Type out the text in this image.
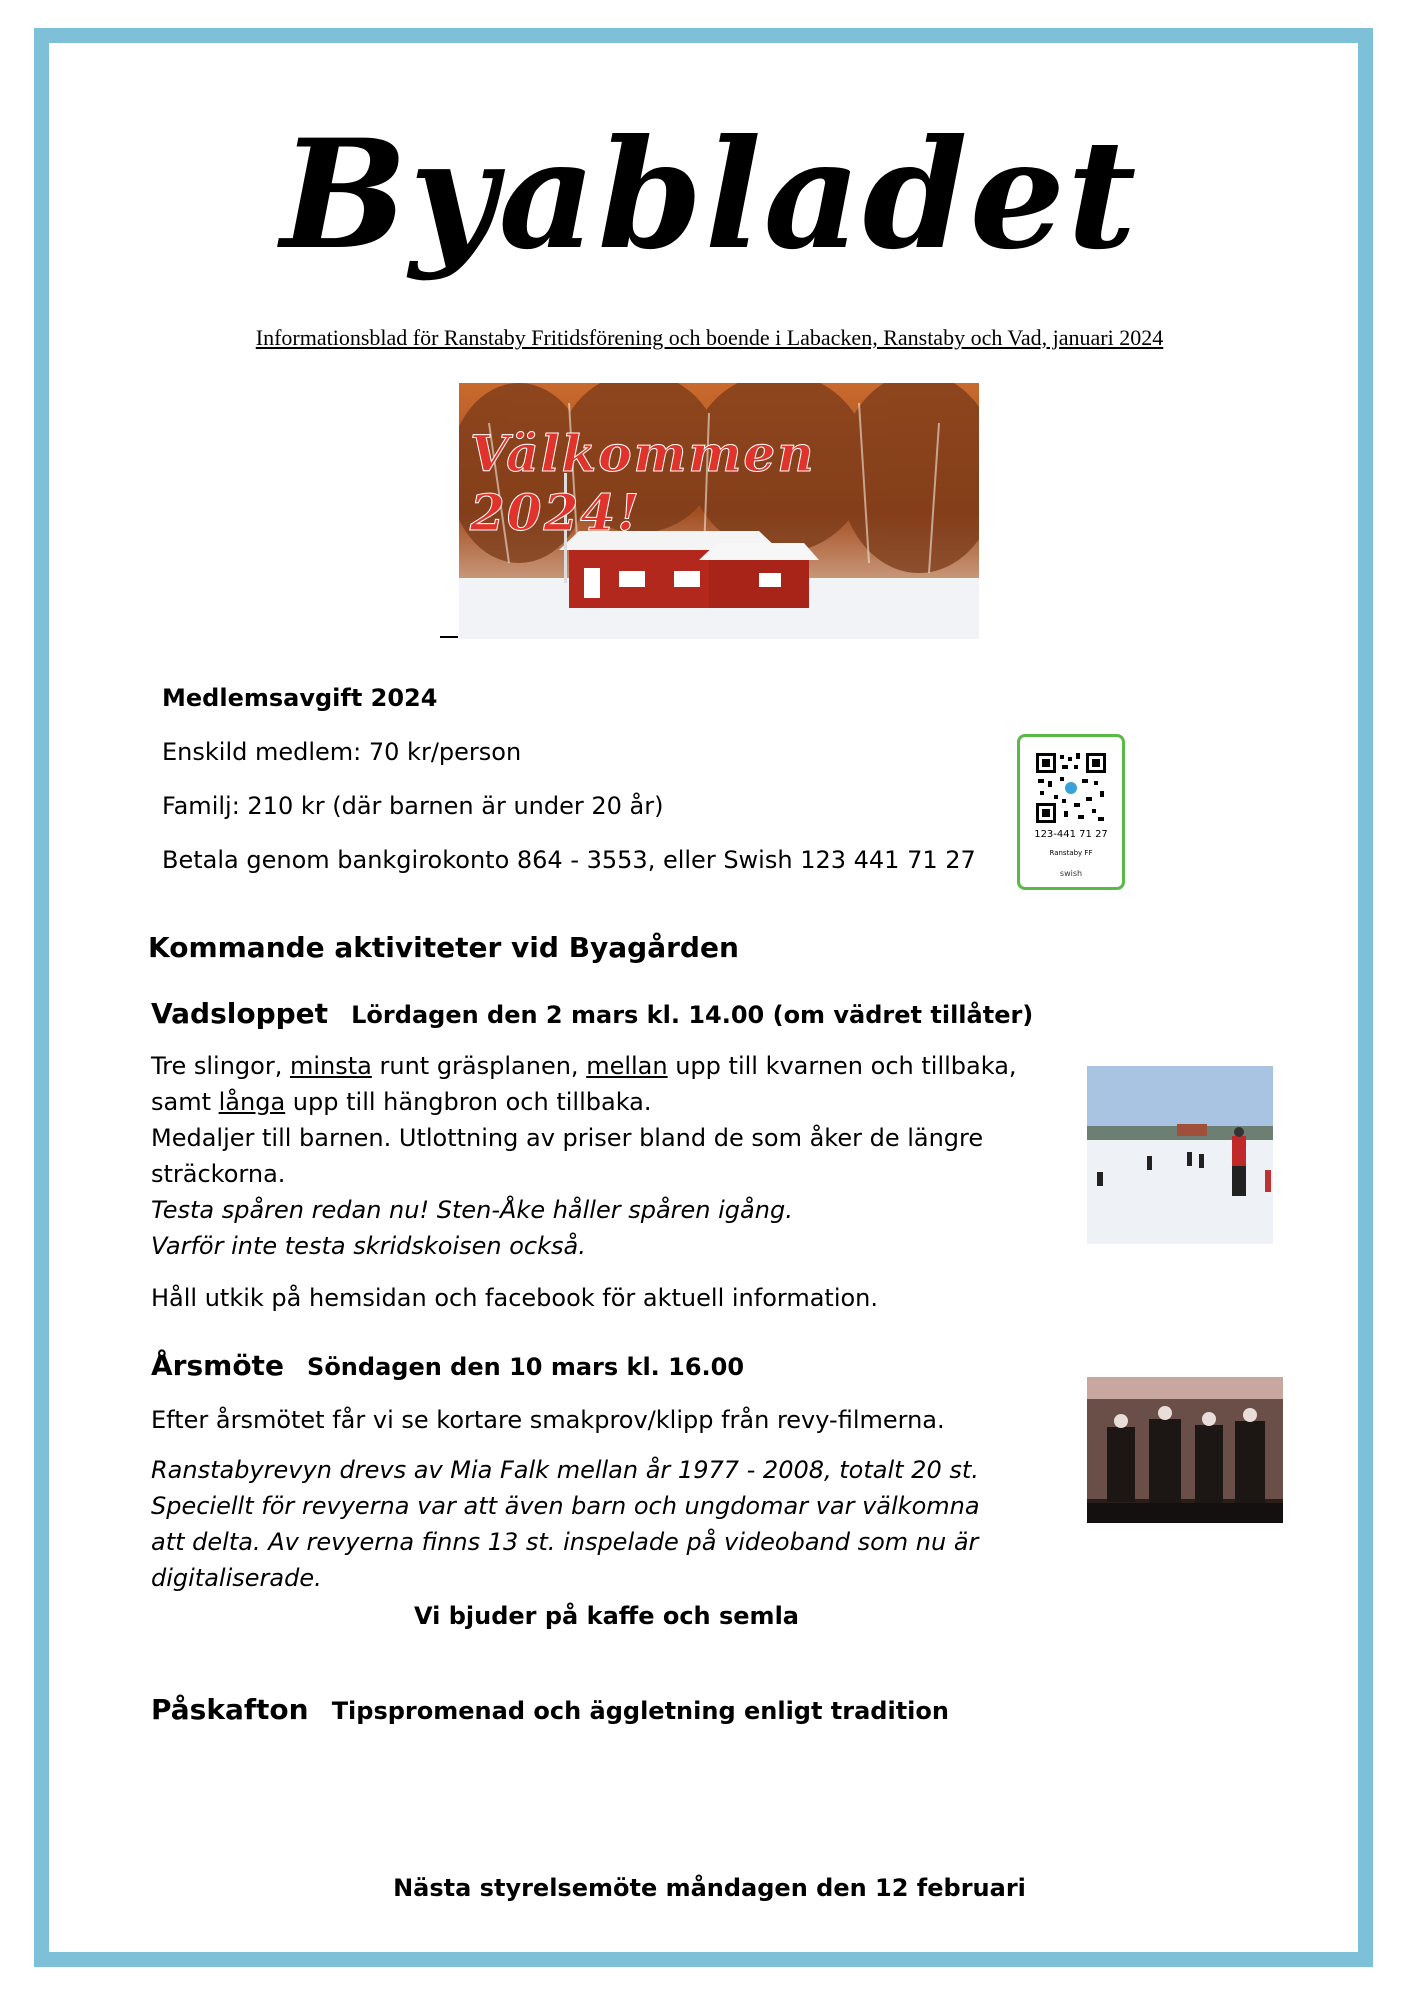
Byabladet
Informationsblad för Ranstaby Fritidsförening och boende i Labacken, Ranstaby och Vad, januari 2024
Välkommen 2024!
Medlemsavgift 2024
Enskild medlem: 70 kr/person
Familj: 210 kr (där barnen är under 20 år)
Betala genom bankgirokonto 864 - 3553, eller Swish 123 441 71 27
123-441 71 27
Ranstaby FF
swish
Kommande aktiviteter vid Byagården
Vadsloppet Lördagen den 2 mars kl. 14.00 (om vädret tillåter)
Tre slingor, minsta runt gräsplanen, mellan upp till kvarnen och tillbaka,
samt långa upp till hängbron och tillbaka.
Medaljer till barnen. Utlottning av priser bland de som åker de längre
sträckorna.
Testa spåren redan nu! Sten-Åke håller spåren igång.
Varför inte testa skridskoisen också.
Håll utkik på hemsidan och facebook för aktuell information.
Årsmöte Söndagen den 10 mars kl. 16.00
Efter årsmötet får vi se kortare smakprov/klipp från revy-filmerna.
Ranstabyrevyn drevs av Mia Falk mellan år 1977 - 2008, totalt 20 st.
Speciellt för revyerna var att även barn och ungdomar var välkomna
att delta. Av revyerna finns 13 st. inspelade på videoband som nu är
digitaliserade.
Vi bjuder på kaffe och semla
Påskafton Tipspromenad och äggletning enligt tradition
Nästa styrelsemöte måndagen den 12 februari
